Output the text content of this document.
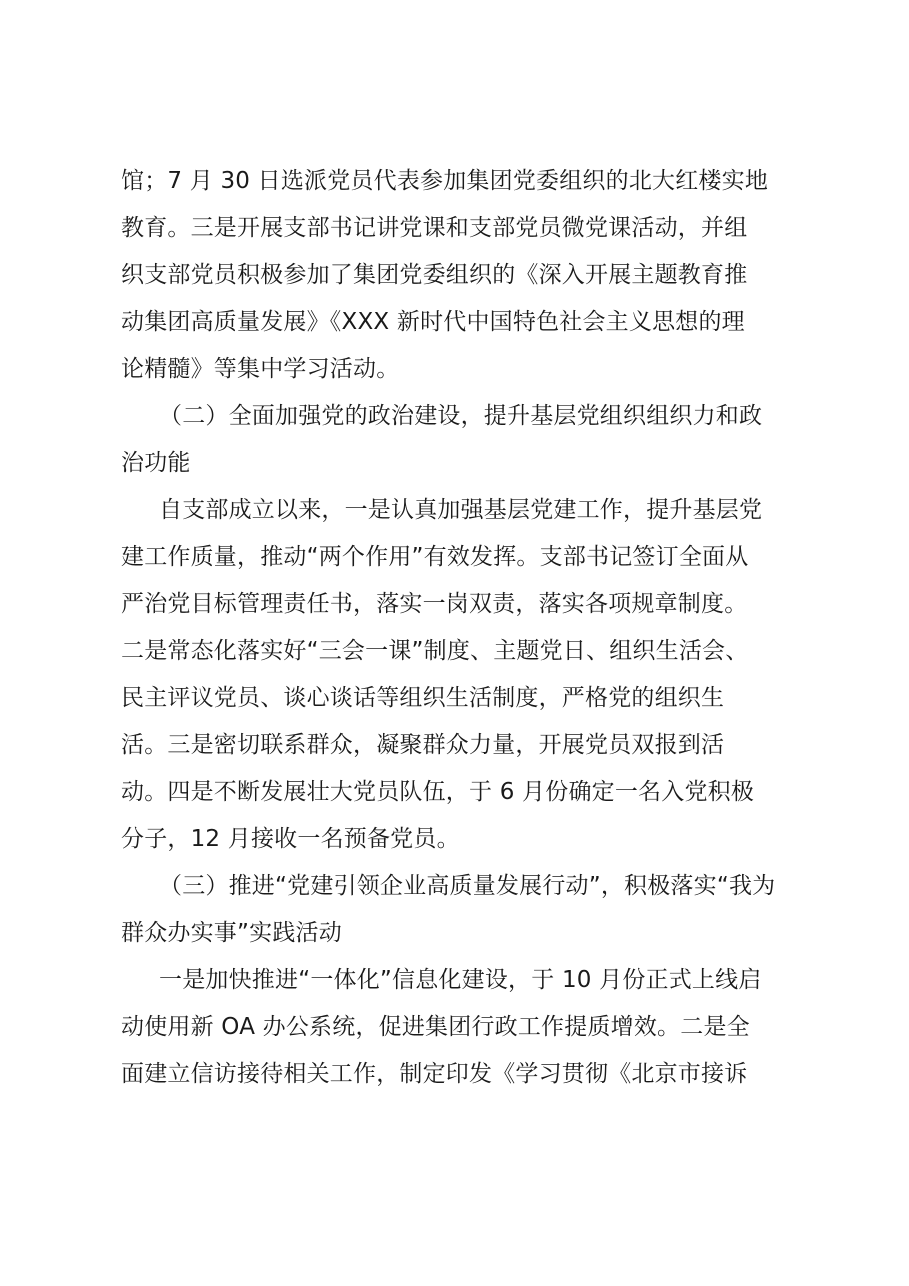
馆；7 月 30 日选派党员代表参加集团党委组织的北大红楼实地
教育。三是开展支部书记讲党课和支部党员微党课活动，并组
织支部党员积极参加了集团党委组织的《深入开展主题教育推
动集团高质量发展》《XXX 新时代中国特色社会主义思想的理
论精髓》等集中学习活动。
（二）全面加强党的政治建设，提升基层党组织组织力和政
治功能
自支部成立以来，一是认真加强基层党建工作，提升基层党
建工作质量，推动“两个作用”有效发挥。支部书记签订全面从
严治党目标管理责任书，落实一岗双责，落实各项规章制度。
二是常态化落实好“三会一课”制度、主题党日、组织生活会、
民主评议党员、谈心谈话等组织生活制度，严格党的组织生
活。三是密切联系群众，凝聚群众力量，开展党员双报到活
动。四是不断发展壮大党员队伍，于 6 月份确定一名入党积极
分子，12 月接收一名预备党员。
（三）推进“党建引领企业高质量发展行动”，积极落实“我为
群众办实事”实践活动
一是加快推进“一体化”信息化建设，于 10 月份正式上线启
动使用新 OA 办公系统，促进集团行政工作提质增效。二是全
面建立信访接待相关工作，制定印发《学习贯彻《北京市接诉
